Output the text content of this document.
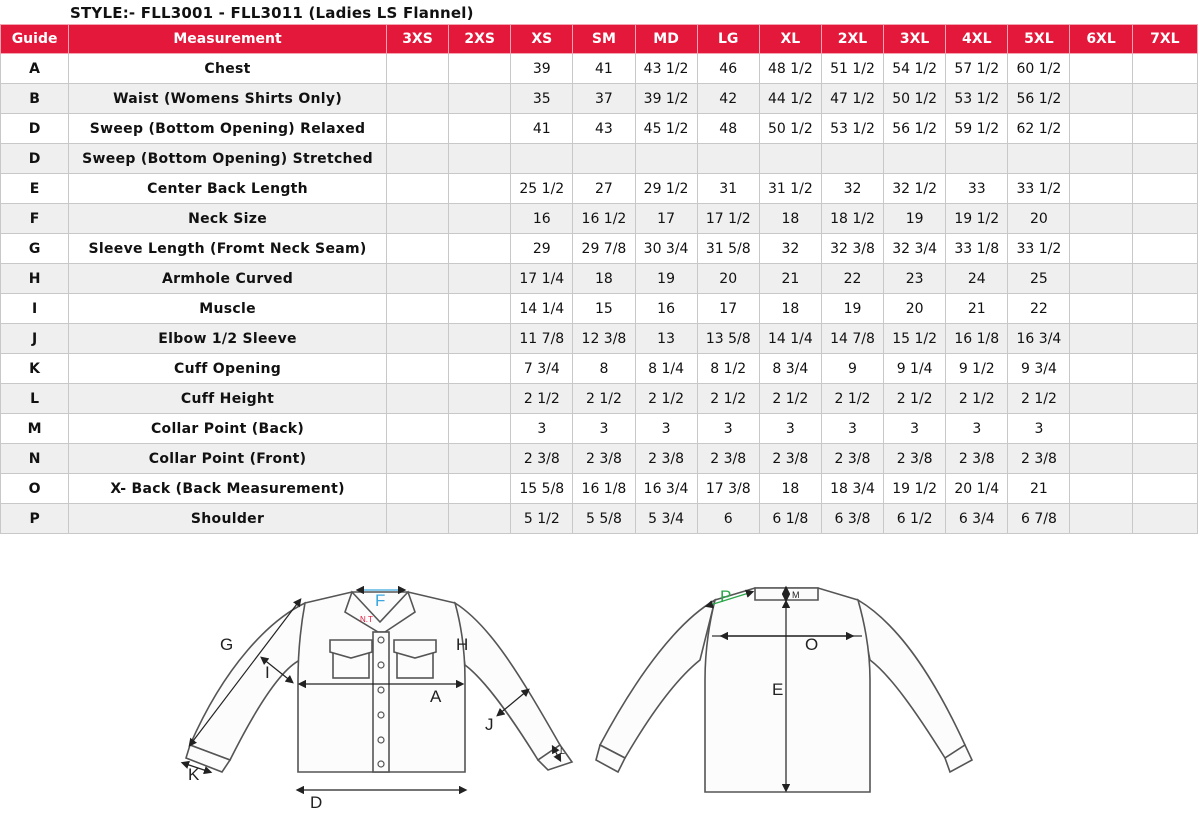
STYLE:- FLL3001 - FLL3011 (Ladies LS Flannel)
Guide	Measurement	3XS	2XS	XS	SM	MD	LG	XL	2XL	3XL	4XL	5XL	6XL	7XL
A	Chest			39	41	43 1/2	46	48 1/2	51 1/2	54 1/2	57 1/2	60 1/2		
B	Waist (Womens Shirts Only)			35	37	39 1/2	42	44 1/2	47 1/2	50 1/2	53 1/2	56 1/2		
D	Sweep (Bottom Opening) Relaxed			41	43	45 1/2	48	50 1/2	53 1/2	56 1/2	59 1/2	62 1/2		
D	Sweep (Bottom Opening) Stretched													
E	Center Back Length			25 1/2	27	29 1/2	31	31 1/2	32	32 1/2	33	33 1/2		
F	Neck Size			16	16 1/2	17	17 1/2	18	18 1/2	19	19 1/2	20		
G	Sleeve Length (Fromt Neck Seam)			29	29 7/8	30 3/4	31 5/8	32	32 3/8	32 3/4	33 1/8	33 1/2		
H	Armhole Curved			17 1/4	18	19	20	21	22	23	24	25		
I	Muscle			14 1/4	15	16	17	18	19	20	21	22		
J	Elbow 1/2 Sleeve			11 7/8	12 3/8	13	13 5/8	14 1/4	14 7/8	15 1/2	16 1/8	16 3/4		
K	Cuff Opening			7 3/4	8	8 1/4	8 1/2	8 3/4	9	9 1/4	9 1/2	9 3/4		
L	Cuff Height			2 1/2	2 1/2	2 1/2	2 1/2	2 1/2	2 1/2	2 1/2	2 1/2	2 1/2		
M	Collar Point (Back)			3	3	3	3	3	3	3	3	3		
N	Collar Point (Front)			2 3/8	2 3/8	2 3/8	2 3/8	2 3/8	2 3/8	2 3/8	2 3/8	2 3/8		
O	X- Back (Back Measurement)			15 5/8	16 1/8	16 3/4	17 3/8	18	18 3/4	19 1/2	20 1/4	21		
P	Shoulder			5 1/2	5 5/8	5 3/4	6	6 1/8	6 3/8	6 1/2	6 3/4	6 7/8		
F
N.T
G	H
I
A
J
K
L
D
P	M
O
E
